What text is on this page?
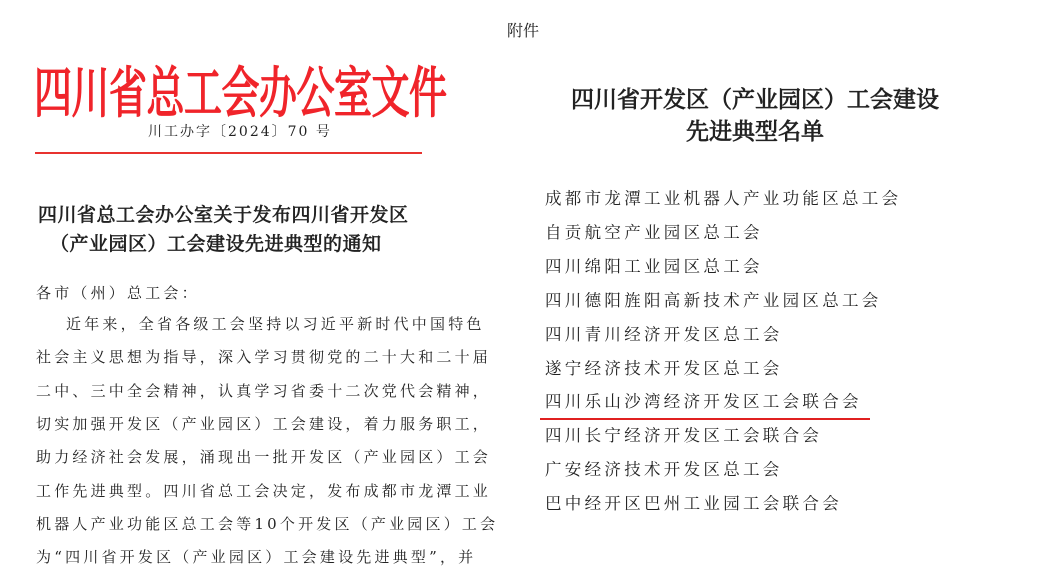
四川省总工会办公室文件
川工办字〔2024〕70 号
四川省总工会办公室关于发布四川省开发区
（产业园区）工会建设先进典型的通知
各市（州）总工会：
近年来，全省各级工会坚持以习近平新时代中国特色
社会主义思想为指导，深入学习贯彻党的二十大和二十届
二中、三中全会精神，认真学习省委十二次党代会精神，
切实加强开发区（产业园区）工会建设，着力服务职工，
助力经济社会发展，涌现出一批开发区（产业园区）工会
工作先进典型。四川省总工会决定，发布成都市龙潭工业
机器人产业功能区总工会等10个开发区（产业园区）工会
为“四川省开发区（产业园区）工会建设先进典型”，并
附件
四川省开发区（产业园区）工会建设
先进典型名单
成都市龙潭工业机器人产业功能区总工会
自贡航空产业园区总工会
四川绵阳工业园区总工会
四川德阳旌阳高新技术产业园区总工会
四川青川经济开发区总工会
遂宁经济技术开发区总工会
四川乐山沙湾经济开发区工会联合会
四川长宁经济开发区工会联合会
广安经济技术开发区总工会
巴中经开区巴州工业园工会联合会
